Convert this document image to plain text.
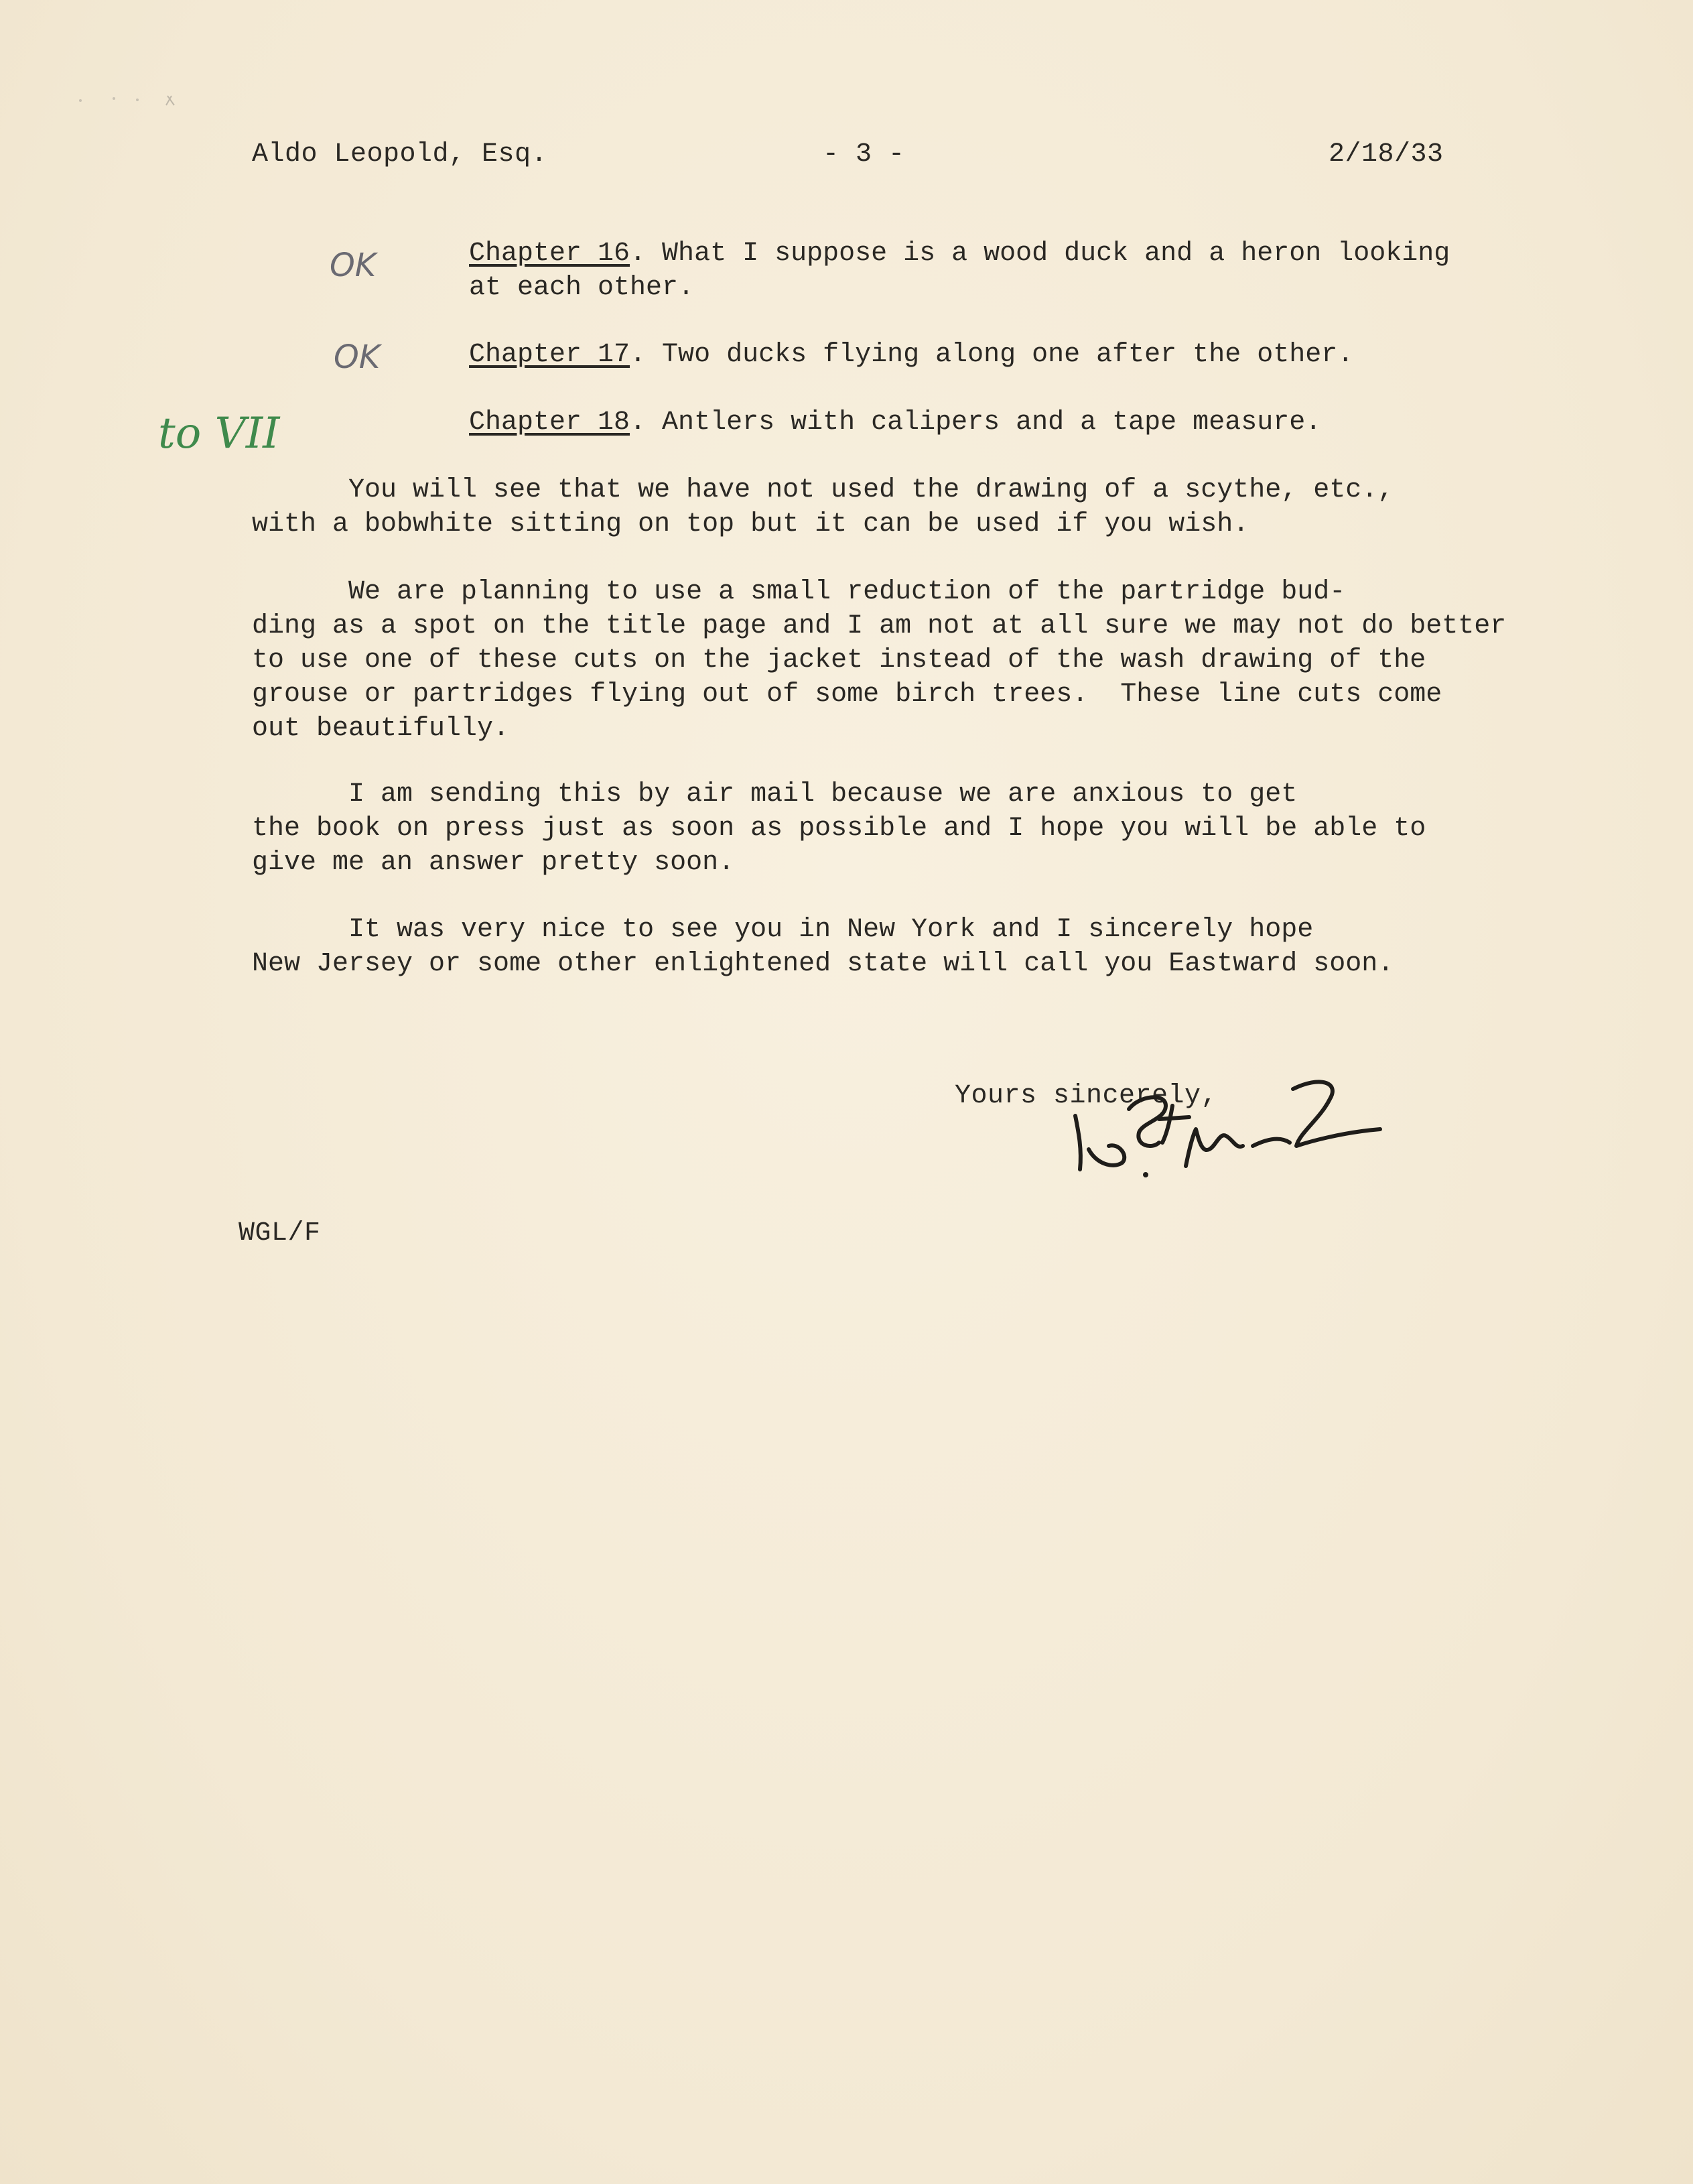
Aldo Leopold, Esq.	- 3 -	2/18/33
OK	Chapter 16. What I suppose is a wood duck and a heron looking
at each other.
OK	Chapter 17. Two ducks flying along one after the other.
to VII	Chapter 18. Antlers with calipers and a tape measure.
You will see that we have not used the drawing of a scythe, etc.,
with a bobwhite sitting on top but it can be used if you wish.
We are planning to use a small reduction of the partridge bud-
ding as a spot on the title page and I am not at all sure we may not do better
to use one of these cuts on the jacket instead of the wash drawing of the
grouse or partridges flying out of some birch trees.  These line cuts come
out beautifully.
I am sending this by air mail because we are anxious to get
the book on press just as soon as possible and I hope you will be able to
give me an answer pretty soon.
It was very nice to see you in New York and I sincerely hope
New Jersey or some other enlightened state will call you Eastward soon.
Yours sincerely,
WGL/F
